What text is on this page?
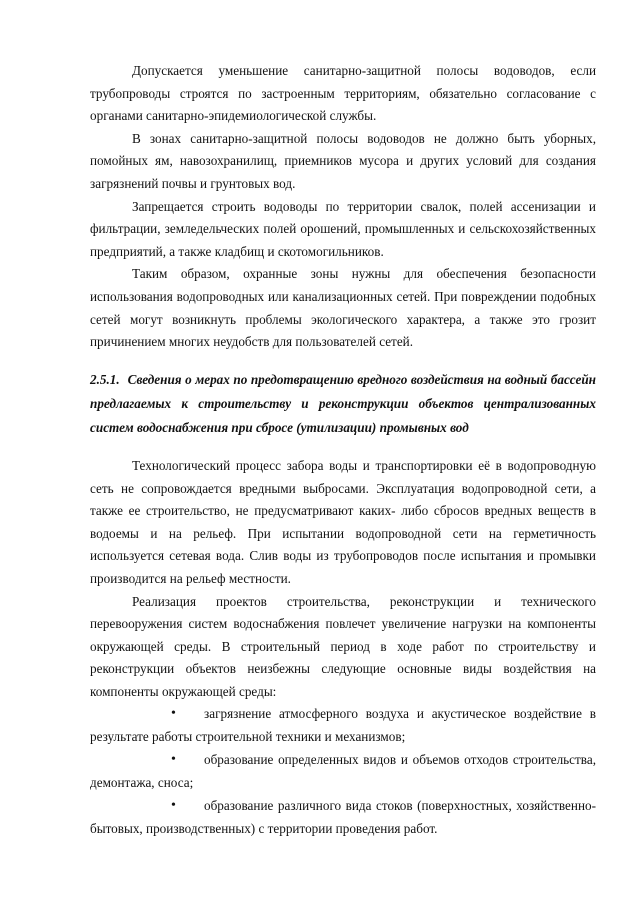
Допускается уменьшение санитарно-защитной полосы водоводов, если трубопроводы строятся по застроенным территориям, обязательно согласование с органами санитарно-эпидемиологической службы.

В зонах санитарно-защитной полосы водоводов не должно быть уборных, помойных ям, навозохранилищ, приемников мусора и других условий для создания загрязнений почвы и грунтовых вод.

Запрещается строить водоводы по территории свалок, полей ассенизации и фильтрации, земледельческих полей орошений, промышленных и сельскохозяйственных предприятий, а также кладбищ и скотомогильников.

Таким образом, охранные зоны нужны для обеспечения безопасности использования водопроводных или канализационных сетей. При повреждении подобных сетей могут возникнуть проблемы экологического характера, а также это грозит причинением многих неудобств для пользователей сетей.

2.5.1. Сведения о мерах по предотвращению вредного воздействия на водный бассейн предлагаемых к строительству и реконструкции объектов централизованных систем водоснабжения при сбросе (утилизации) промывных вод

Технологический процесс забора воды и транспортировки её в водопроводную сеть не сопровождается вредными выбросами. Эксплуатация водопроводной сети, а также ее строительство, не предусматривают каких- либо сбросов вредных веществ в водоемы и на рельеф. При испытании водопроводной сети на герметичность используется сетевая вода. Слив воды из трубопроводов после испытания и промывки производится на рельеф местности.

Реализация проектов строительства, реконструкции и технического перевооружения систем водоснабжения повлечет увеличение нагрузки на компоненты окружающей среды. В строительный период в ходе работ по строительству и реконструкции объектов неизбежны следующие основные виды воздействия на компоненты окружающей среды:

•	загрязнение атмосферного воздуха и акустическое воздействие в результате работы строительной техники и механизмов;

•	образование определенных видов и объемов отходов строительства, демонтажа, сноса;

•	образование различного вида стоков (поверхностных, хозяйственно-бытовых, производственных) с территории проведения работ.
